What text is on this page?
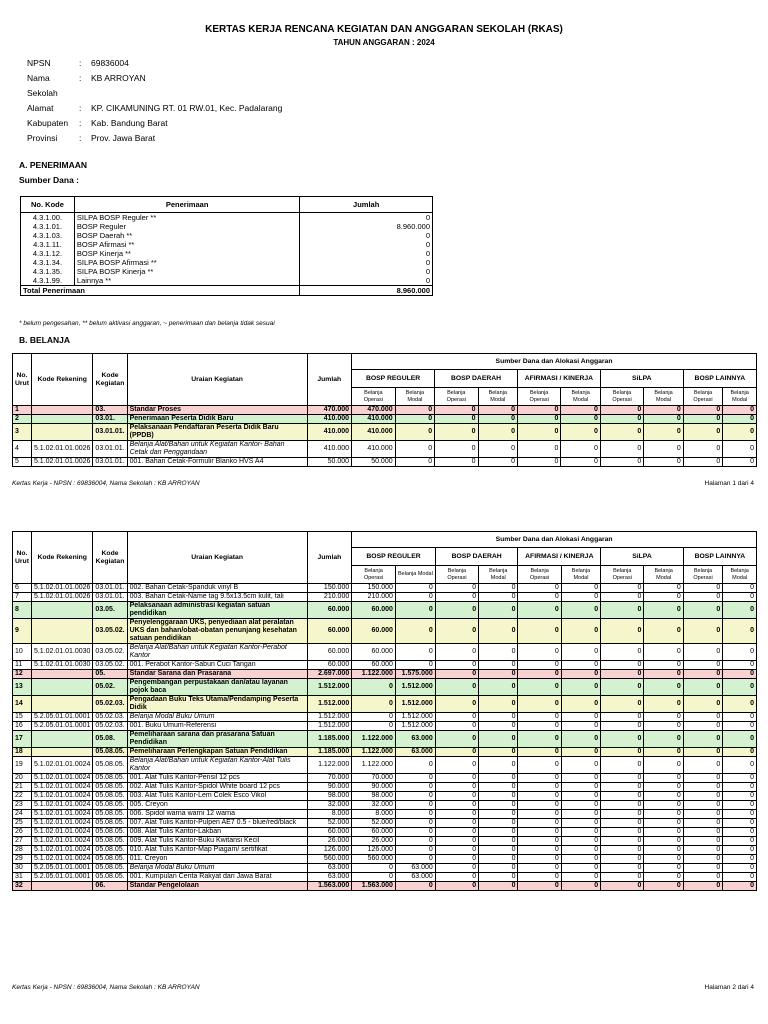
KERTAS KERJA RENCANA KEGIATAN DAN ANGGARAN SEKOLAH (RKAS)
TAHUN ANGGARAN : 2024
NPSN	:	69836004
Nama Sekolah
:	KB ARROYAN
Alamat	:	KP. CIKAMUNING RT. 01 RW.01, Kec. Padalarang
Kabupaten	:	Kab. Bandung Barat
Provinsi	:	Prov. Jawa Barat
A. PENERIMAAN
Sumber Dana :
No. Kode	Penerimaan	Jumlah
4.3.1.00.	SILPA BOSP Reguler **	0
4.3.1.01.	BOSP Reguler	8.960.000
4.3.1.03.	BOSP Daerah **	0
4.3.1.11.	BOSP Afirmasi **	0
4.3.1.12.	BOSP Kinerja **	0
4.3.1.34.	SILPA BOSP Afirmasi **	0
4.3.1.35.	SILPA BOSP Kinerja **	0
4.3.1.99.	Lainnya **	0
Total Penerimaan		8.960.000
* belum pengesahan, ** belum aktivasi anggaran, ~ penerimaan dan belanja tidak sesuai
B. BELANJA
No. Urut	Kode Rekening	Kode Kegiatan	Uraian Kegiatan	Jumlah	Sumber Dana dan Alokasi Anggaran									
					BOSP REGULER		BOSP DAERAH		AFIRMASI / KINERJA		SiLPA		BOSP LAINNYA	
					Belanja Operasi	Belanja Modal	Belanja Operasi	Belanja Modal	Belanja Operasi	Belanja Modal	Belanja Operasi	Belanja Modal	Belanja Operasi	Belanja Modal
1		03.	Standar Proses	470.000	470.000	0	0	0	0	0	0	0	0	0
2		03.01.	Penerimaan Peserta Didik Baru	410.000	410.000	0	0	0	0	0	0	0	0	0
3		03.01.01.	Pelaksanaan Pendaftaran Peserta Didik Baru (PPDB)	410.000	410.000	0	0	0	0	0	0	0	0	0
4	5.1.02.01.01.0026	03.01.01.	Belanja Alat/Bahan untuk Kegiatan Kantor- Bahan Cetak dan Penggandaan	410.000	410.000	0	0	0	0	0	0	0	0	0
5	5.1.02.01.01.0026	03.01.01.	001. Bahan Cetak-Formulir Blanko HVS A4	50.000	50.000	0	0	0	0	0	0	0	0	0
Kertas Kerja - NPSN : 69836004, Nama Sekolah : KB ARROYAN	Halaman 1 dari 4
No. Urut	Kode Rekening	Kode Kegiatan	Uraian Kegiatan	Jumlah	Sumber Dana dan Alokasi Anggaran									
					BOSP REGULER		BOSP DAERAH		AFIRMASI / KINERJA		SiLPA		BOSP LAINNYA	
					Belanja Operasi	Belanja Modal	Belanja Operasi	Belanja Modal	Belanja Operasi	Belanja Modal	Belanja Operasi	Belanja Modal	Belanja Operasi	Belanja Modal
6	5.1.02.01.01.0026	03.01.01.	002. Bahan Cetak-Spanduk vinyl B	150.000	150.000	0	0	0	0	0	0	0	0	0
7	5.1.02.01.01.0026	03.01.01.	003. Bahan Cetak-Name tag 9.5x13.5cm kulit, tali	210.000	210.000	0	0	0	0	0	0	0	0	0
8		03.05.	Pelaksanaan administrasi kegiatan satuan pendidikan	60.000	60.000	0	0	0	0	0	0	0	0	0
9		03.05.02.	Penyelenggaraan UKS, penyediaan alat peralatan UKS dan bahan/obat-obatan penunjang kesehatan satuan pendidikan	60.000	60.000	0	0	0	0	0	0	0	0	0
10	5.1.02.01.01.0030	03.05.02.	Belanja Alat/Bahan untuk Kegiatan Kantor-Perabot Kantor	60.000	60.000	0	0	0	0	0	0	0	0	0
11	5.1.02.01.01.0030	03.05.02.	001. Perabot Kantor-Sabun Cuci Tangan	60.000	60.000	0	0	0	0	0	0	0	0	0
12		05.	Standar Sarana dan Prasarana	2.697.000	1.122.000	1.575.000	0	0	0	0	0	0	0	0
13		05.02.	Pengembangan perpustakaan dan/atau layanan pojok baca	1.512.000	0	1.512.000	0	0	0	0	0	0	0	0
14		05.02.03.	Pengadaan Buku Teks Utama/Pendamping Peserta Didik	1.512.000	0	1.512.000	0	0	0	0	0	0	0	0
15	5.2.05.01.01.0001	05.02.03.	Belanja Modal Buku Umum	1.512.000	0	1.512.000	0	0	0	0	0	0	0	0
16	5.2.05.01.01.0001	05.02.03.	001. Buku Umum-Referensi	1.512.000	0	1.512.000	0	0	0	0	0	0	0	0
17		05.08.	Pemeliharaan sarana dan prasarana Satuan Pendidikan	1.185.000	1.122.000	63.000	0	0	0	0	0	0	0	0
18		05.08.05.	Pemeliharaan Perlengkapan Satuan Pendidikan	1.185.000	1.122.000	63.000	0	0	0	0	0	0	0	0
19	5.1.02.01.01.0024	05.08.05.	Belanja Alat/Bahan untuk Kegiatan Kantor-Alat Tulis Kantor	1.122.000	1.122.000	0	0	0	0	0	0	0	0	0
20	5.1.02.01.01.0024	05.08.05.	001. Alat Tulis Kantor-Pensil 12 pcs	70.000	70.000	0	0	0	0	0	0	0	0	0
21	5.1.02.01.01.0024	05.08.05.	002. Alat Tulis Kantor-Spidol White board 12 pcs	90.000	90.000	0	0	0	0	0	0	0	0	0
22	5.1.02.01.01.0024	05.08.05.	003. Alat Tulis Kantor-Lem Colek Esco Vikol	98.000	98.000	0	0	0	0	0	0	0	0	0
23	5.1.02.01.01.0024	05.08.05.	005. Creyon	32.000	32.000	0	0	0	0	0	0	0	0	0
24	5.1.02.01.01.0024	05.08.05.	006. Spidol warna warni 12 warna	8.000	8.000	0	0	0	0	0	0	0	0	0
25	5.1.02.01.01.0024	05.08.05.	007. Alat Tulis Kantor-Pulpen AE7 0.5 - blue/red/black	52.000	52.000	0	0	0	0	0	0	0	0	0
26	5.1.02.01.01.0024	05.08.05.	008. Alat Tulis Kantor-Lakban	60.000	60.000	0	0	0	0	0	0	0	0	0
27	5.1.02.01.01.0024	05.08.05.	009. Alat Tulis Kantor-Buku Kwitansi Kecil	26.000	26.000	0	0	0	0	0	0	0	0	0
28	5.1.02.01.01.0024	05.08.05.	010. Alat Tulis Kantor-Map Piagam/ sertifikat	126.000	126.000	0	0	0	0	0	0	0	0	0
29	5.1.02.01.01.0024	05.08.05.	011. Creyon	560.000	560.000	0	0	0	0	0	0	0	0	0
30	5.2.05.01.01.0001	05.08.05.	Belanja Modal Buku Umum	63.000	0	63.000	0	0	0	0	0	0	0	0
31	5.2.05.01.01.0001	05.08.05.	001. Kumpulan Cerita Rakyat dari Jawa Barat	63.000	0	63.000	0	0	0	0	0	0	0	0
32		06.	Standar Pengelolaan	1.563.000	1.563.000	0	0	0	0	0	0	0	0	0
Kertas Kerja - NPSN : 69836004, Nama Sekolah : KB ARROYAN	Halaman 2 dari 4
